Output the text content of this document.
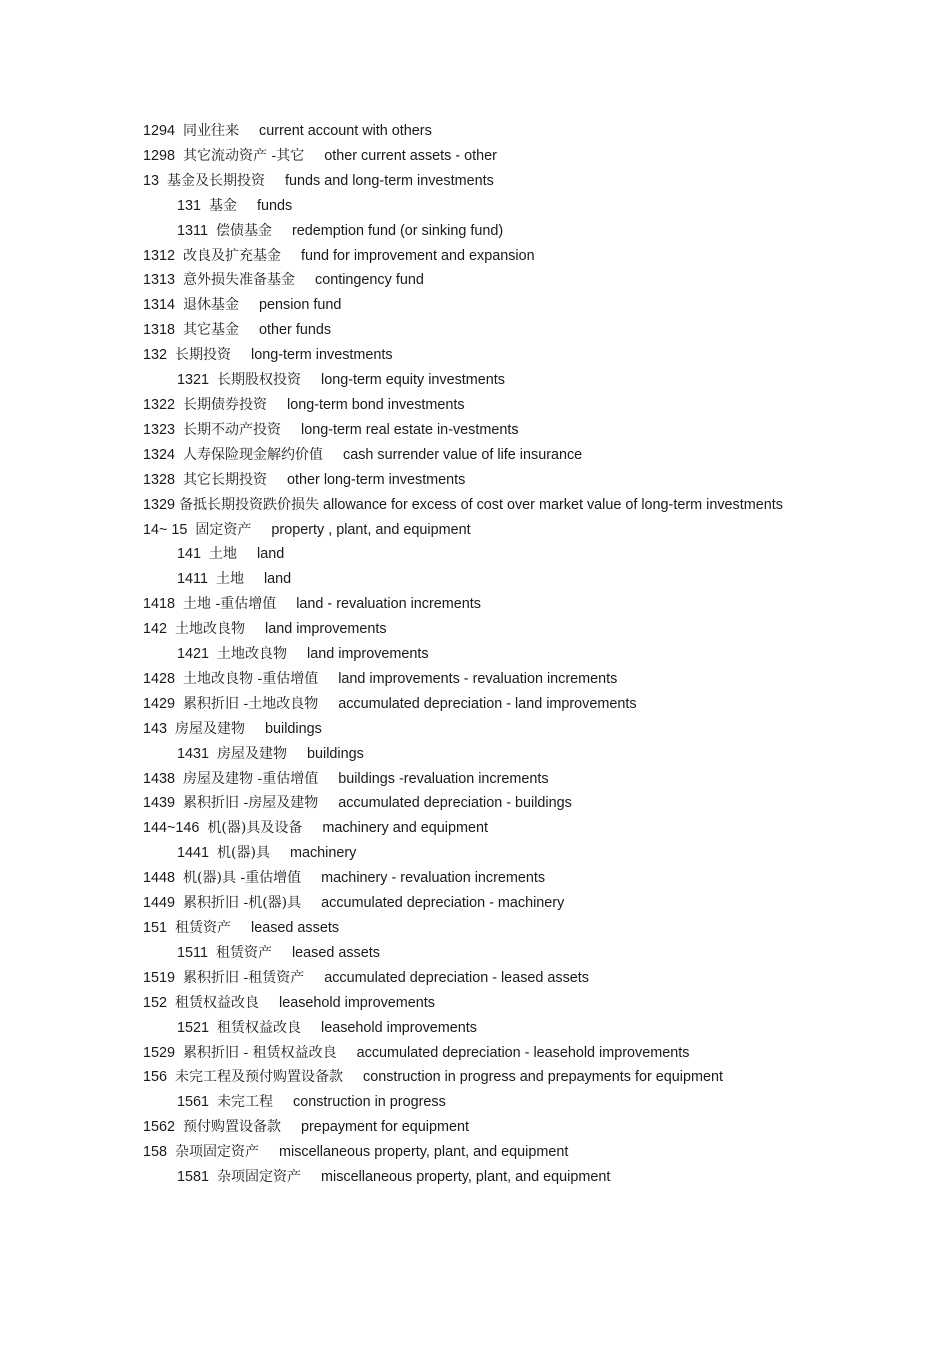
1294 同业往来 current account with others
1298 其它流动资产 -其它 other current assets - other
13 基金及长期投资 funds and long-term investments
131 基金 funds
1311 偿债基金 redemption fund (or sinking fund)
1312 改良及扩充基金 fund for improvement and expansion
1313 意外损失准备基金 contingency fund
1314 退休基金 pension fund
1318 其它基金 other funds
132 长期投资 long-term investments
1321 长期股权投资 long-term equity investments
1322 长期债券投资 long-term bond investments
1323 长期不动产投资 long-term real estate in-vestments
1324 人寿保险现金解约价值 cash surrender value of life insurance
1328 其它长期投资 other long-term investments
1329 备抵长期投资跌价损失 allowance for excess of cost over market value of long-term investments
14~ 15 固定资产 property , plant, and equipment
141 土地 land
1411 土地 land
1418 土地 -重估增值 land - revaluation increments
142 土地改良物 land improvements
1421 土地改良物 land improvements
1428 土地改良物 -重估增值 land improvements - revaluation increments
1429 累积折旧 -土地改良物 accumulated depreciation - land improvements
143 房屋及建物 buildings
1431 房屋及建物 buildings
1438 房屋及建物 -重估增值 buildings -revaluation increments
1439 累积折旧 -房屋及建物 accumulated depreciation - buildings
144~146 机(器)具及设备 machinery and equipment
1441 机(器)具 machinery
1448 机(器)具 -重估增值 machinery - revaluation increments
1449 累积折旧 -机(器)具 accumulated depreciation - machinery
151 租赁资产 leased assets
1511 租赁资产 leased assets
1519 累积折旧 -租赁资产 accumulated depreciation - leased assets
152 租赁权益改良 leasehold improvements
1521 租赁权益改良 leasehold improvements
1529 累积折旧 - 租赁权益改良 accumulated depreciation - leasehold improvements
156 未完工程及预付购置设备款 construction in progress and prepayments for equipment
1561 未完工程 construction in progress
1562 预付购置设备款 prepayment for equipment
158 杂项固定资产 miscellaneous property, plant, and equipment
1581 杂项固定资产 miscellaneous property, plant, and equipment
